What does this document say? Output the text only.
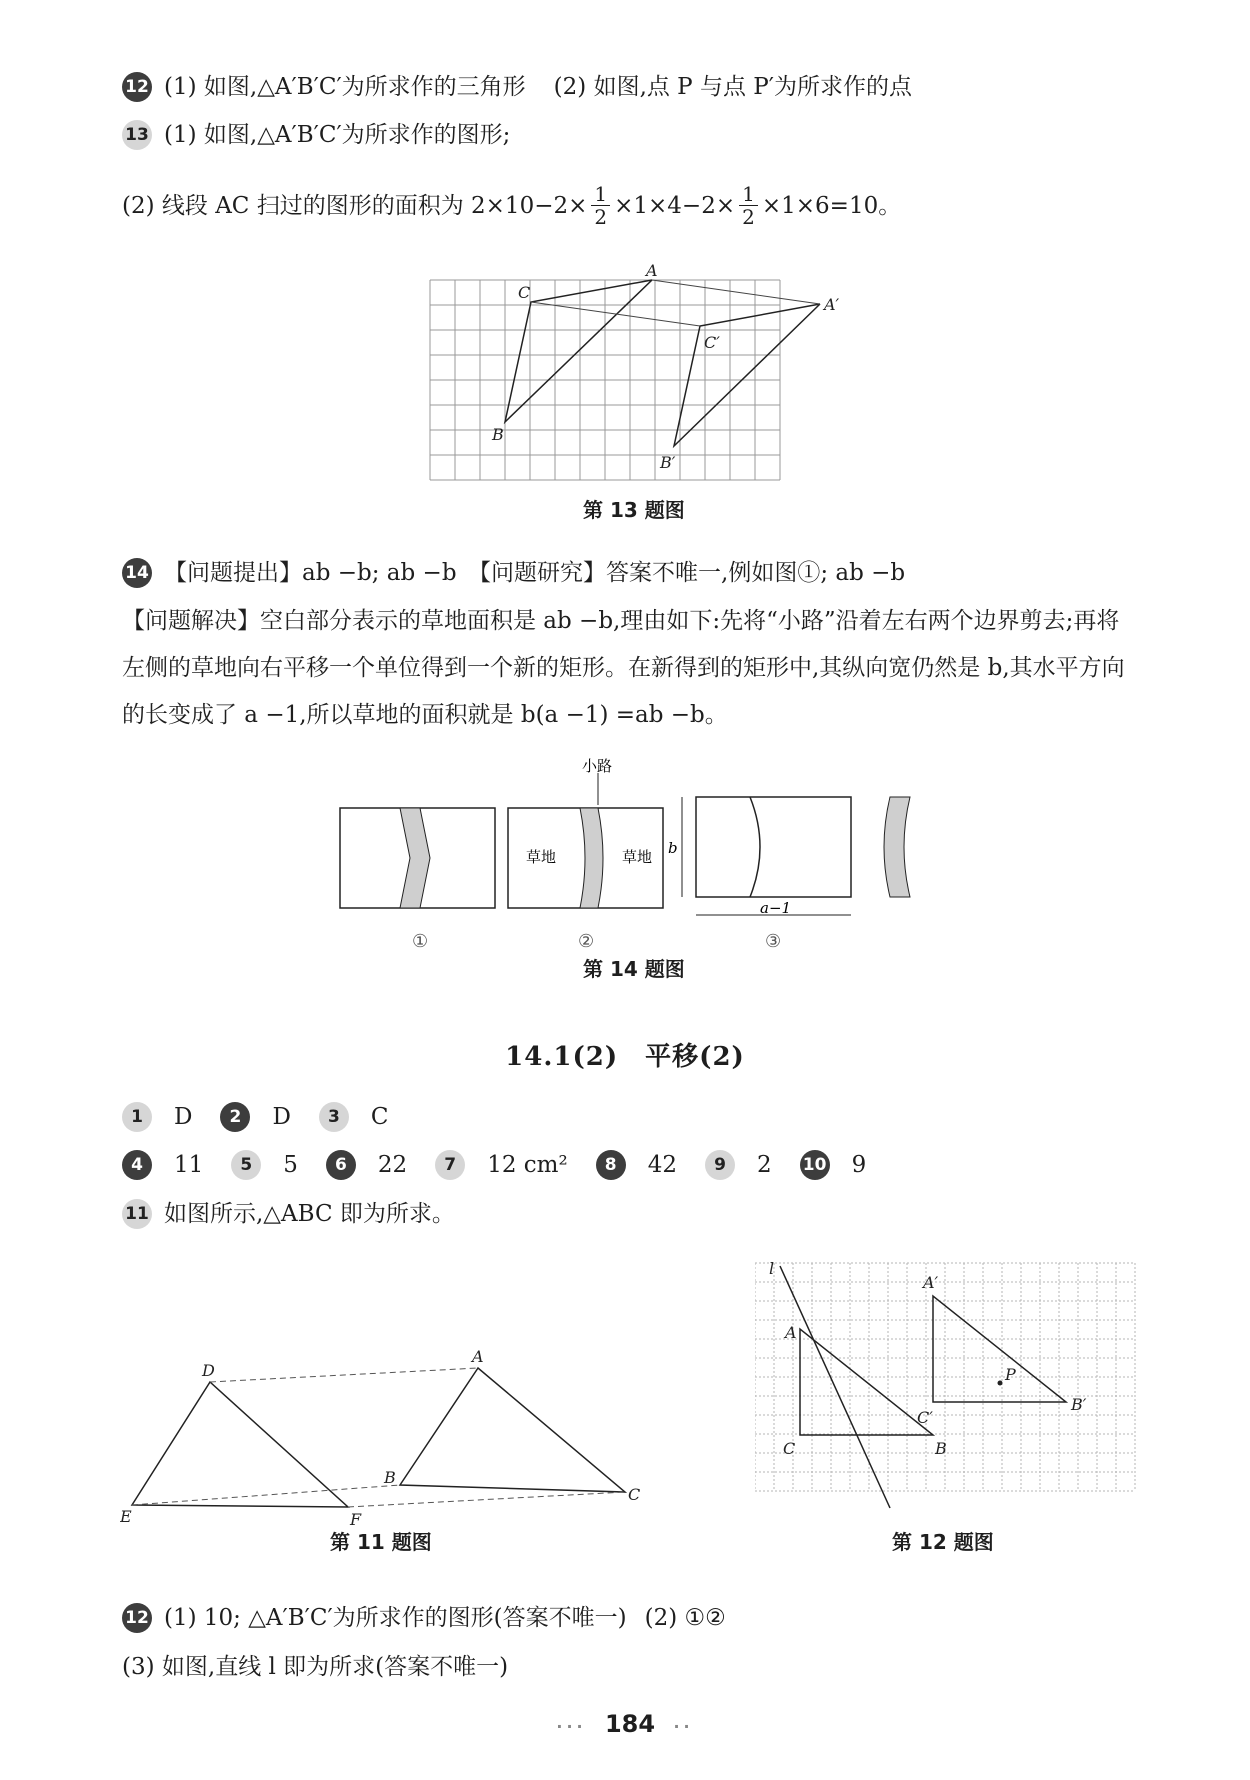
12 (1) 如图,△A′B′C′为所求作的三角形 (2) 如图,点 P 与点 P′为所求作的点
13 (1) 如图,△A′B′C′为所求作的图形;
(2) 线段 AC 扫过的图形的面积为 $2\times 10-2\times \frac{1}{2} \times 1\times 4-2\times \frac{1}{2} \times 1\times 6=10$。
A
C
B
A′
C′
B′
第 13 题图
14 【问题提出】ab −b; ab −b　【问题研究】答案不唯一,例如图①; ab −b
【问题解决】空白部分表示的草地面积是 ab −b,理由如下:先将“小路”沿着左右两个边界剪去;再将左侧的草地向右平移一个单位得到一个新的矩形。在新得到的矩形中,其纵向宽仍然是 b,其水平方向的长变成了 a −1,所以草地的面积就是 b(a −1) =ab −b。
小路
草地	草地 b
a−1
①	②	③
第 14 题图
14.1(2)　平移(2)
1	D	2	D	3	C
4	11	5	5	6	22	7	12 cm²	8	42	9	2 10 9
11 如图所示,△ABC 即为所求。
D
A
E	F
B
C
第 11 题图
l
A′
A
P
B′
C′
C	B
第 12 题图
12 (1) 10; △A′B′C′为所求作的图形(答案不唯一) (2) ①②
(3) 如图,直线 l 即为所求(答案不唯一)
··· 184 ··
